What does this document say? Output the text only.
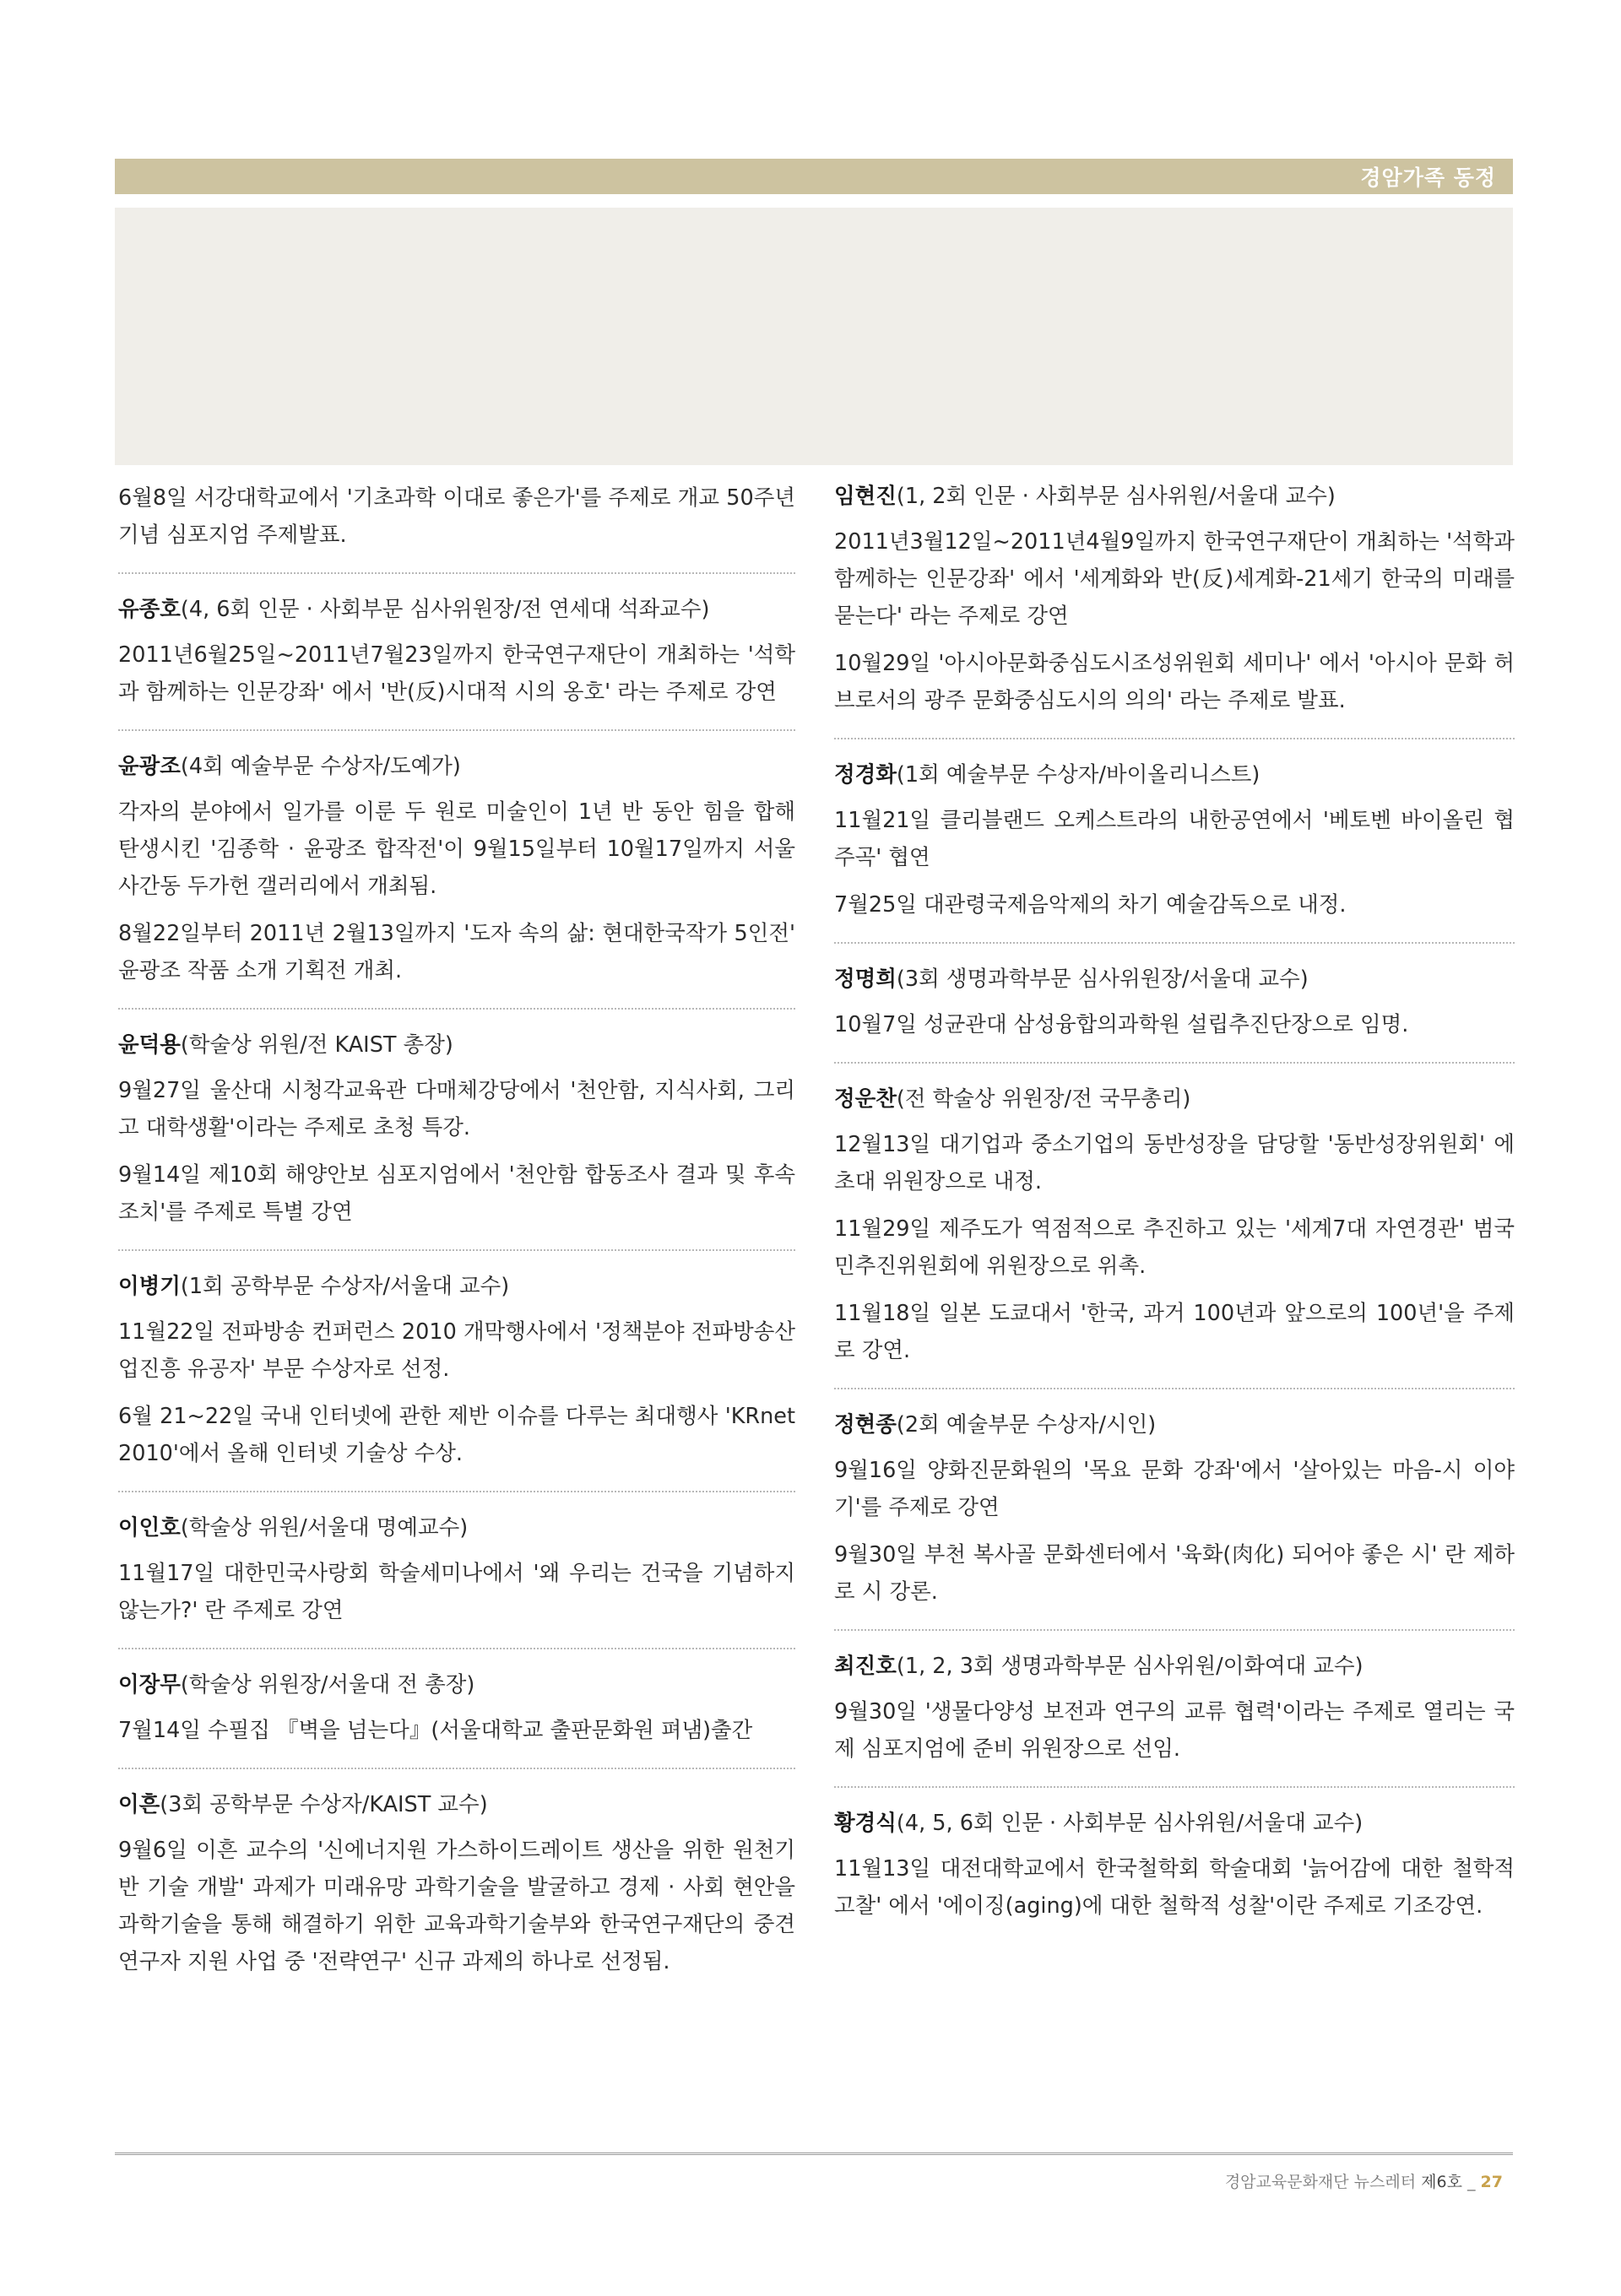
경암가족 동정

6월8일 서강대학교에서 '기초과학 이대로 좋은가'를 주제로 개교 50주년 기념 심포지엄 주제발표.

유종호(4, 6회 인문 · 사회부문 심사위원장/전 연세대 석좌교수)

2011년6월25일~2011년7월23일까지 한국연구재단이 개최하는 '석학과 함께하는 인문강좌' 에서 '반(反)시대적 시의 옹호' 라는 주제로 강연

윤광조(4회 예술부문 수상자/도예가)

각자의 분야에서 일가를 이룬 두 원로 미술인이 1년 반 동안 힘을 합해 탄생시킨 '김종학 · 윤광조 합작전'이 9월15일부터 10월17일까지 서울 사간동 두가헌 갤러리에서 개최됨.

8월22일부터 2011년 2월13일까지 '도자 속의 삶: 현대한국작가 5인전' 윤광조 작품 소개 기획전 개최.

윤덕용(학술상 위원/전 KAIST 총장)

9월27일 울산대 시청각교육관 다매체강당에서 '천안함, 지식사회, 그리고 대학생활'이라는 주제로 초청 특강.

9월14일 제10회 해양안보 심포지엄에서 '천안함 합동조사 결과 및 후속조치'를 주제로 특별 강연

이병기(1회 공학부문 수상자/서울대 교수)

11월22일 전파방송 컨퍼런스 2010 개막행사에서 '정책분야 전파방송산업진흥 유공자' 부문 수상자로 선정.

6월 21~22일 국내 인터넷에 관한 제반 이슈를 다루는 최대행사 'KRnet 2010'에서 올해 인터넷 기술상 수상.

이인호(학술상 위원/서울대 명예교수)

11월17일 대한민국사랑회 학술세미나에서 '왜 우리는 건국을 기념하지 않는가?' 란 주제로 강연

이장무(학술상 위원장/서울대 전 총장)

7월14일 수필집 『벽을 넘는다』(서울대학교 출판문화원 펴냄)출간

이흔(3회 공학부문 수상자/KAIST 교수)

9월6일 이흔 교수의 '신에너지원 가스하이드레이트 생산을 위한 원천기반 기술 개발' 과제가 미래유망 과학기술을 발굴하고 경제 · 사회 현안을 과학기술을 통해 해결하기 위한 교육과학기술부와 한국연구재단의 중견연구자 지원 사업 중 '전략연구' 신규 과제의 하나로 선정됨.

임현진(1, 2회 인문 · 사회부문 심사위원/서울대 교수)

2011년3월12일~2011년4월9일까지 한국연구재단이 개최하는 '석학과 함께하는 인문강좌' 에서 '세계화와 반(反)세계화-21세기 한국의 미래를 묻는다' 라는 주제로 강연

10월29일 '아시아문화중심도시조성위원회 세미나' 에서 '아시아 문화 허브로서의 광주 문화중심도시의 의의' 라는 주제로 발표.

정경화(1회 예술부문 수상자/바이올리니스트)

11월21일 클리블랜드 오케스트라의 내한공연에서 '베토벤 바이올린 협주곡' 협연

7월25일 대관령국제음악제의 차기 예술감독으로 내정.

정명희(3회 생명과학부문 심사위원장/서울대 교수)

10월7일 성균관대 삼성융합의과학원 설립추진단장으로 임명.

정운찬(전 학술상 위원장/전 국무총리)

12월13일 대기업과 중소기업의 동반성장을 담당할 '동반성장위원회' 에 초대 위원장으로 내정.

11월29일 제주도가 역점적으로 추진하고 있는 '세계7대 자연경관' 범국민추진위원회에 위원장으로 위촉.

11월18일 일본 도쿄대서 '한국, 과거 100년과 앞으로의 100년'을 주제로 강연.

정현종(2회 예술부문 수상자/시인)

9월16일 양화진문화원의 '목요 문화 강좌'에서 '살아있는 마음-시 이야기'를 주제로 강연

9월30일 부천 복사골 문화센터에서 '육화(肉化) 되어야 좋은 시' 란 제하로 시 강론.

최진호(1, 2, 3회 생명과학부문 심사위원/이화여대 교수)

9월30일 '생물다양성 보전과 연구의 교류 협력'이라는 주제로 열리는 국제 심포지엄에 준비 위원장으로 선임.

황경식(4, 5, 6회 인문 · 사회부문 심사위원/서울대 교수)

11월13일 대전대학교에서 한국철학회 학술대회 '늙어감에 대한 철학적 고찰' 에서 '에이징(aging)에 대한 철학적 성찰'이란 주제로 기조강연.

경암교육문화재단 뉴스레터 제6호 _ 27
